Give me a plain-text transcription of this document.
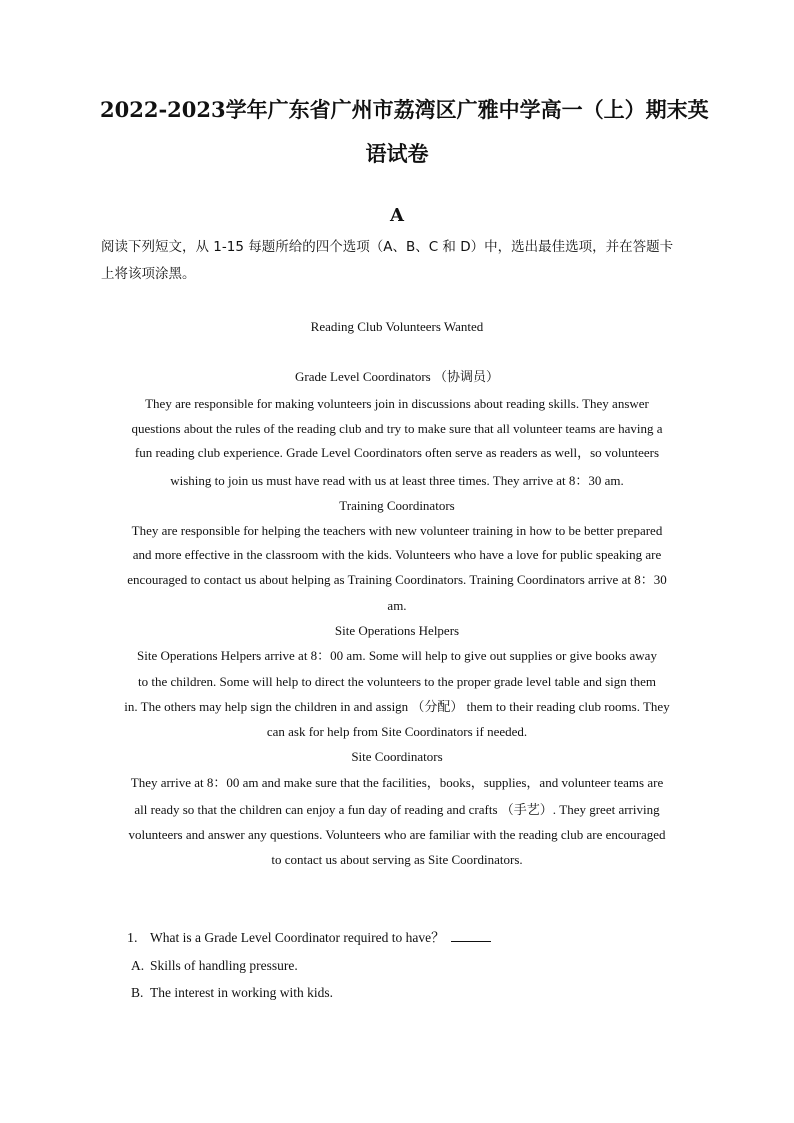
2022-2023学年广东省广州市荔湾区广雅中学高一（上）期末英
语试卷
A
阅读下列短文，从 1-15 每题所给的四个选项（A、B、C 和 D）中，选出最佳选项，并在答题卡
上将该项涂黑。
Reading Club Volunteers Wanted
Grade Level Coordinators （协调员）
They are responsible for making volunteers join in discussions about reading skills. They answer
questions about the rules of the reading club and try to make sure that all volunteer teams are having a
fun reading club experience. Grade Level Coordinators often serve as readers as well，so volunteers
wishing to join us must have read with us at least three times. They arrive at 8：30 am.
Training Coordinators
They are responsible for helping the teachers with new volunteer training in how to be better prepared
and more effective in the classroom with the kids. Volunteers who have a love for public speaking are
encouraged to contact us about helping as Training Coordinators. Training Coordinators arrive at 8：30
am.
Site Operations Helpers
Site Operations Helpers arrive at 8：00 am. Some will help to give out supplies or give books away
to the children. Some will help to direct the volunteers to the proper grade level table and sign them
in. The others may help sign the children in and assign （分配） them to their reading club rooms. They
can ask for help from Site Coordinators if needed.
Site Coordinators
They arrive at 8：00 am and make sure that the facilities，books，supplies，and volunteer teams are
all ready so that the children can enjoy a fun day of reading and crafts （手艺）. They greet arriving
volunteers and answer any questions. Volunteers who are familiar with the reading club are encouraged
to contact us about serving as Site Coordinators.
1. What is a Grade Level Coordinator required to have？
A. Skills of handling pressure.
B. The interest in working with kids.
